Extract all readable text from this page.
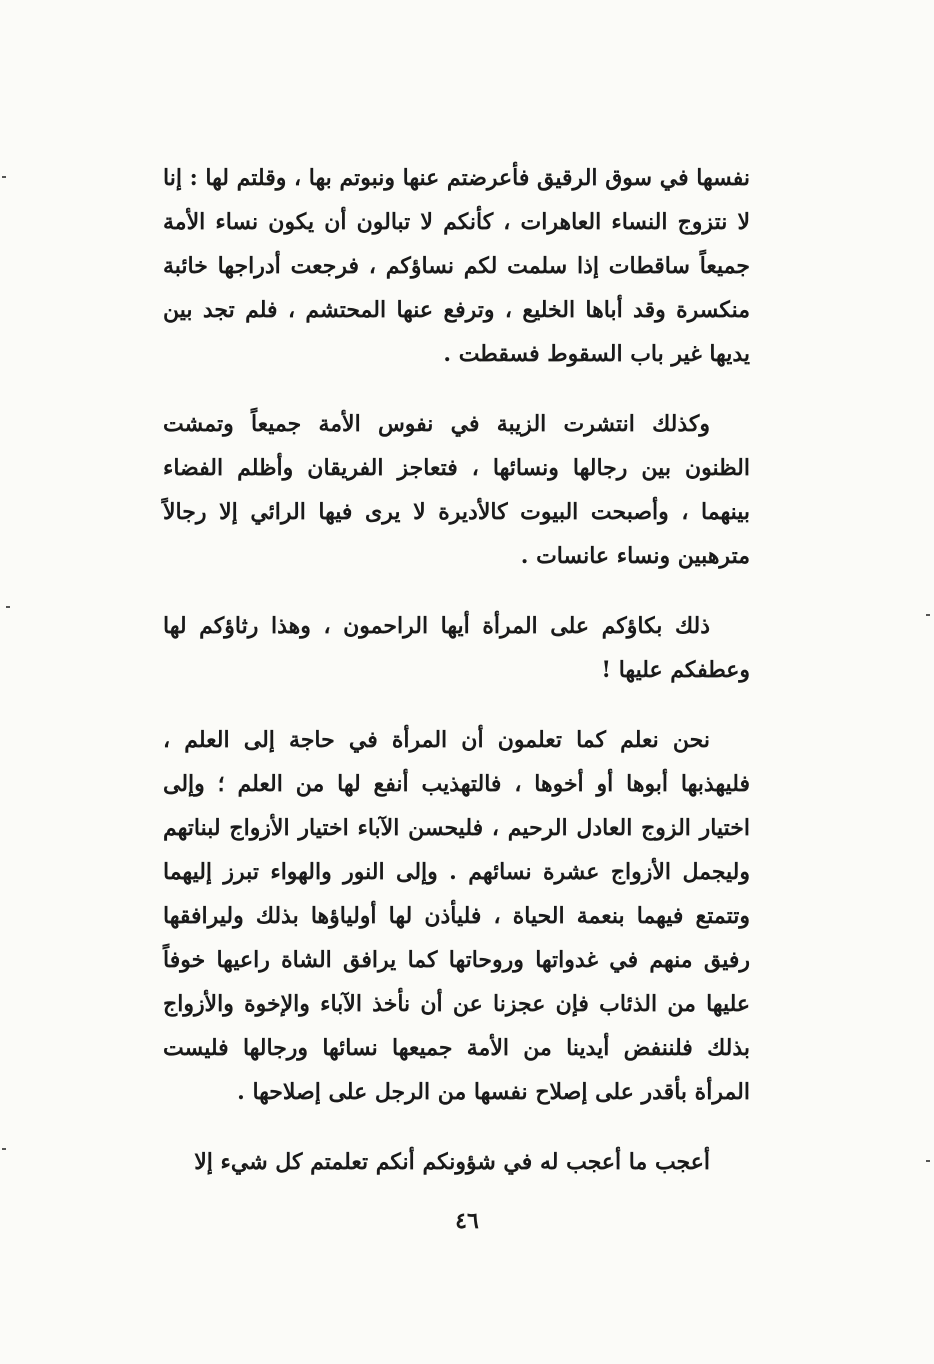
نفسها في سوق الرقيق فأعرضتم عنها ونبوتم بها ، وقلتم لها : إنا لا نتزوج النساء العاهرات ، كأنكم لا تبالون أن يكون نساء الأمة جميعاً ساقطات إذا سلمت لكم نساؤكم ، فرجعت أدراجها خائبة منكسرة وقد أباها الخليع ، وترفع عنها المحتشم ، فلم تجد بين يديها غير باب السقوط فسقطت .

وكذلك انتشرت الزيبة في نفوس الأمة جميعاً وتمشت الظنون بين رجالها ونسائها ، فتعاجز الفريقان وأظلم الفضاء بينهما ، وأصبحت البيوت كالأديرة لا يرى فيها الرائي إلا رجالاً مترهبين ونساء عانسات .

ذلك بكاؤكم على المرأة أيها الراحمون ، وهذا رثاؤكم لها وعطفكم عليها !

نحن نعلم كما تعلمون أن المرأة في حاجة إلى العلم ، فليهذبها أبوها أو أخوها ، فالتهذيب أنفع لها من العلم ؛ وإلى اختيار الزوج العادل الرحيم ، فليحسن الآباء اختيار الأزواج لبناتهم وليجمل الأزواج عشرة نسائهم . وإلى النور والهواء تبرز إليهما وتتمتع فيهما بنعمة الحياة ، فليأذن لها أولياؤها بذلك وليرافقها رفيق منهم في غدواتها وروحاتها كما يرافق الشاة راعيها خوفاً عليها من الذئاب فإن عجزنا عن أن نأخذ الآباء والإخوة والأزواج بذلك فلننفض أيدينا من الأمة جميعها نسائها ورجالها فليست المرأة بأقدر على إصلاح نفسها من الرجل على إصلاحها .

أعجب ما أعجب له في شؤونكم أنكم تعلمتم كل شيء إلا

٤٦
